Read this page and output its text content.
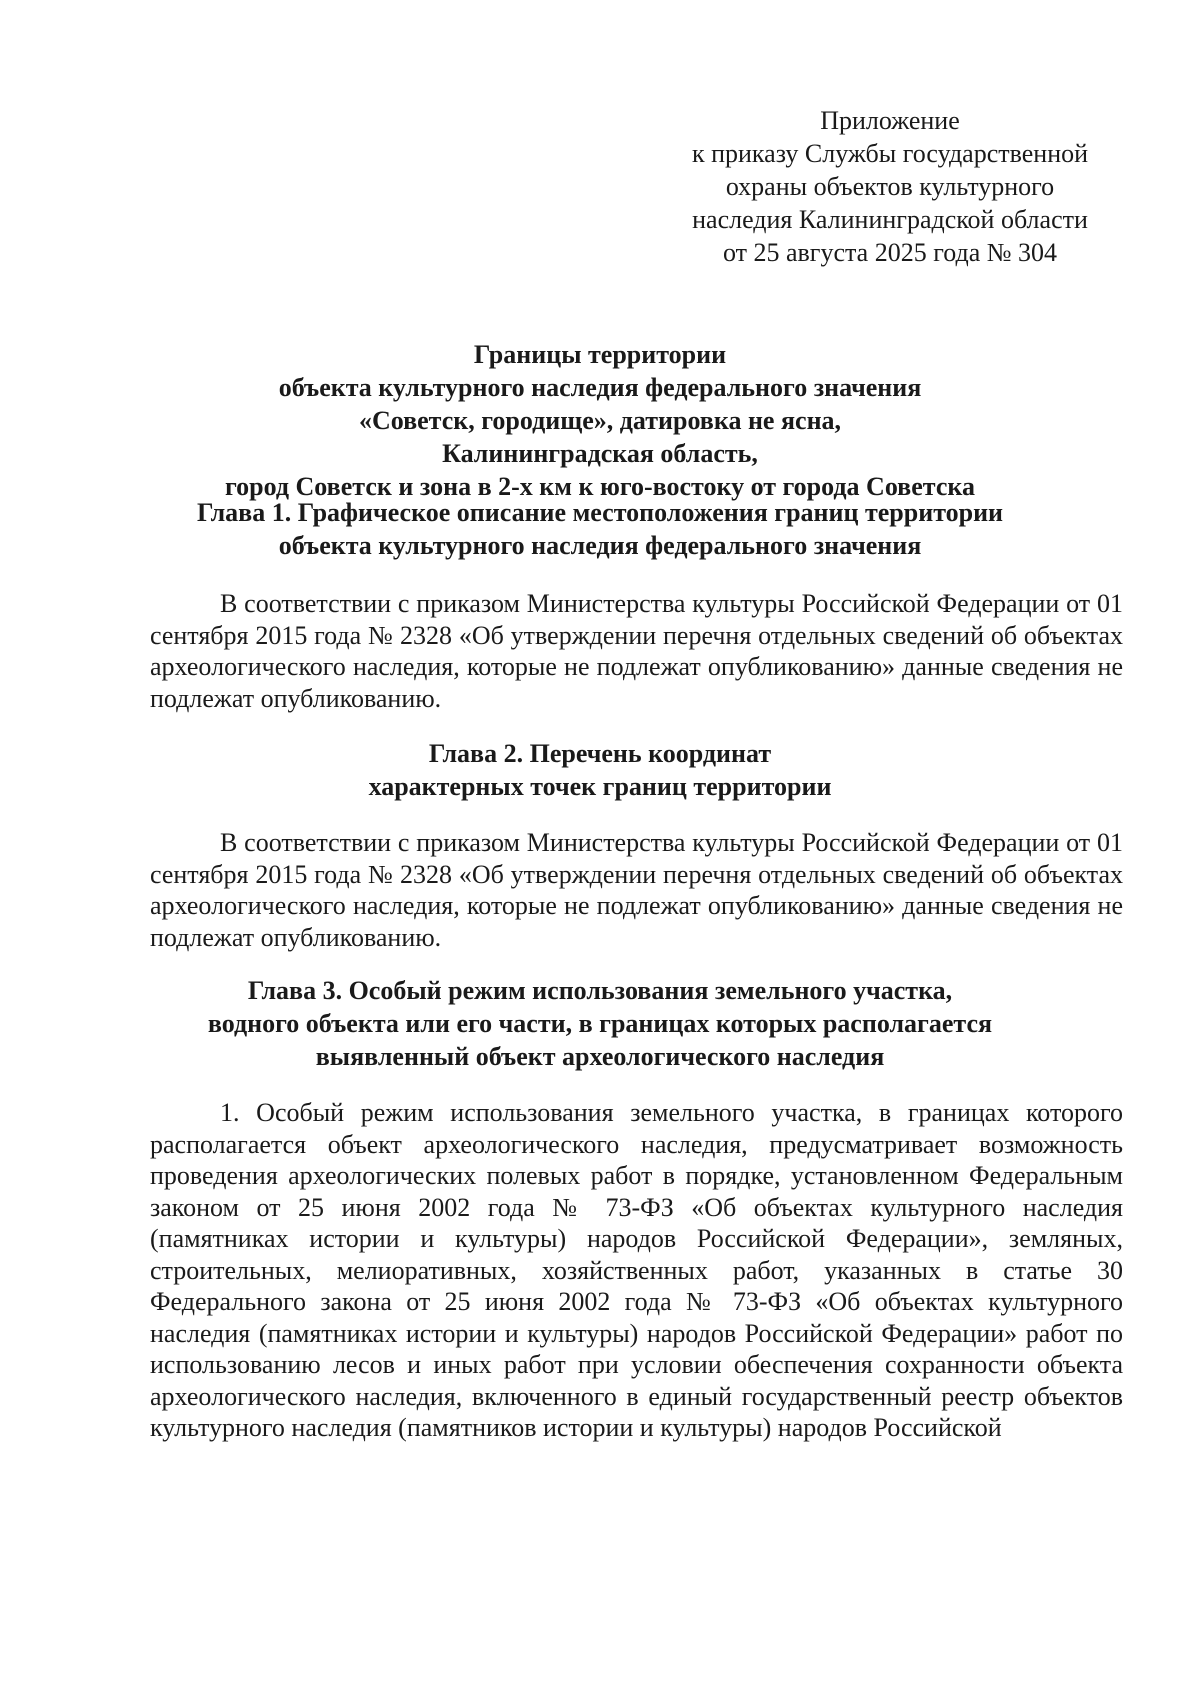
Приложение
к приказу Службы государственной
охраны объектов культурного
наследия Калининградской области
от 25 августа 2025 года № 304
Границы территории
объекта культурного наследия федерального значения
«Советск, городище», датировка не ясна,
Калининградская область,
город Советск и зона в 2-х км к юго-востоку от города Советска
Глава 1. Графическое описание местоположения границ территории
объекта культурного наследия федерального значения

В соответствии с приказом Министерства культуры Российской Федерации от 01 сентября 2015 года № 2328 «Об утверждении перечня отдельных сведений об объектах археологического наследия, которые не подлежат опубликованию» данные сведения не подлежат опубликованию.

Глава 2. Перечень координат
характерных точек границ территории

В соответствии с приказом Министерства культуры Российской Федерации от 01 сентября 2015 года № 2328 «Об утверждении перечня отдельных сведений об объектах археологического наследия, которые не подлежат опубликованию» данные сведения не подлежат опубликованию.

Глава 3. Особый режим использования земельного участка,
водного объекта или его части, в границах которых располагается
выявленный объект археологического наследия

1. Особый режим использования земельного участка, в границах которого располагается объект археологического наследия, предусматривает возможность проведения археологических полевых работ в порядке, установленном Федеральным законом от 25 июня 2002 года № 73-ФЗ «Об объектах культурного наследия (памятниках истории и культуры) народов Российской Федерации», земляных, строительных, мелиоративных, хозяйственных работ, указанных в статье 30 Федерального закона от 25 июня 2002 года № 73-ФЗ «Об объектах культурного наследия (памятниках истории и культуры) народов Российской Федерации» работ по использованию лесов и иных работ при условии обеспечения сохранности объекта археологического наследия, включенного в единый государственный реестр объектов культурного наследия (памятников истории и культуры) народов Российской
